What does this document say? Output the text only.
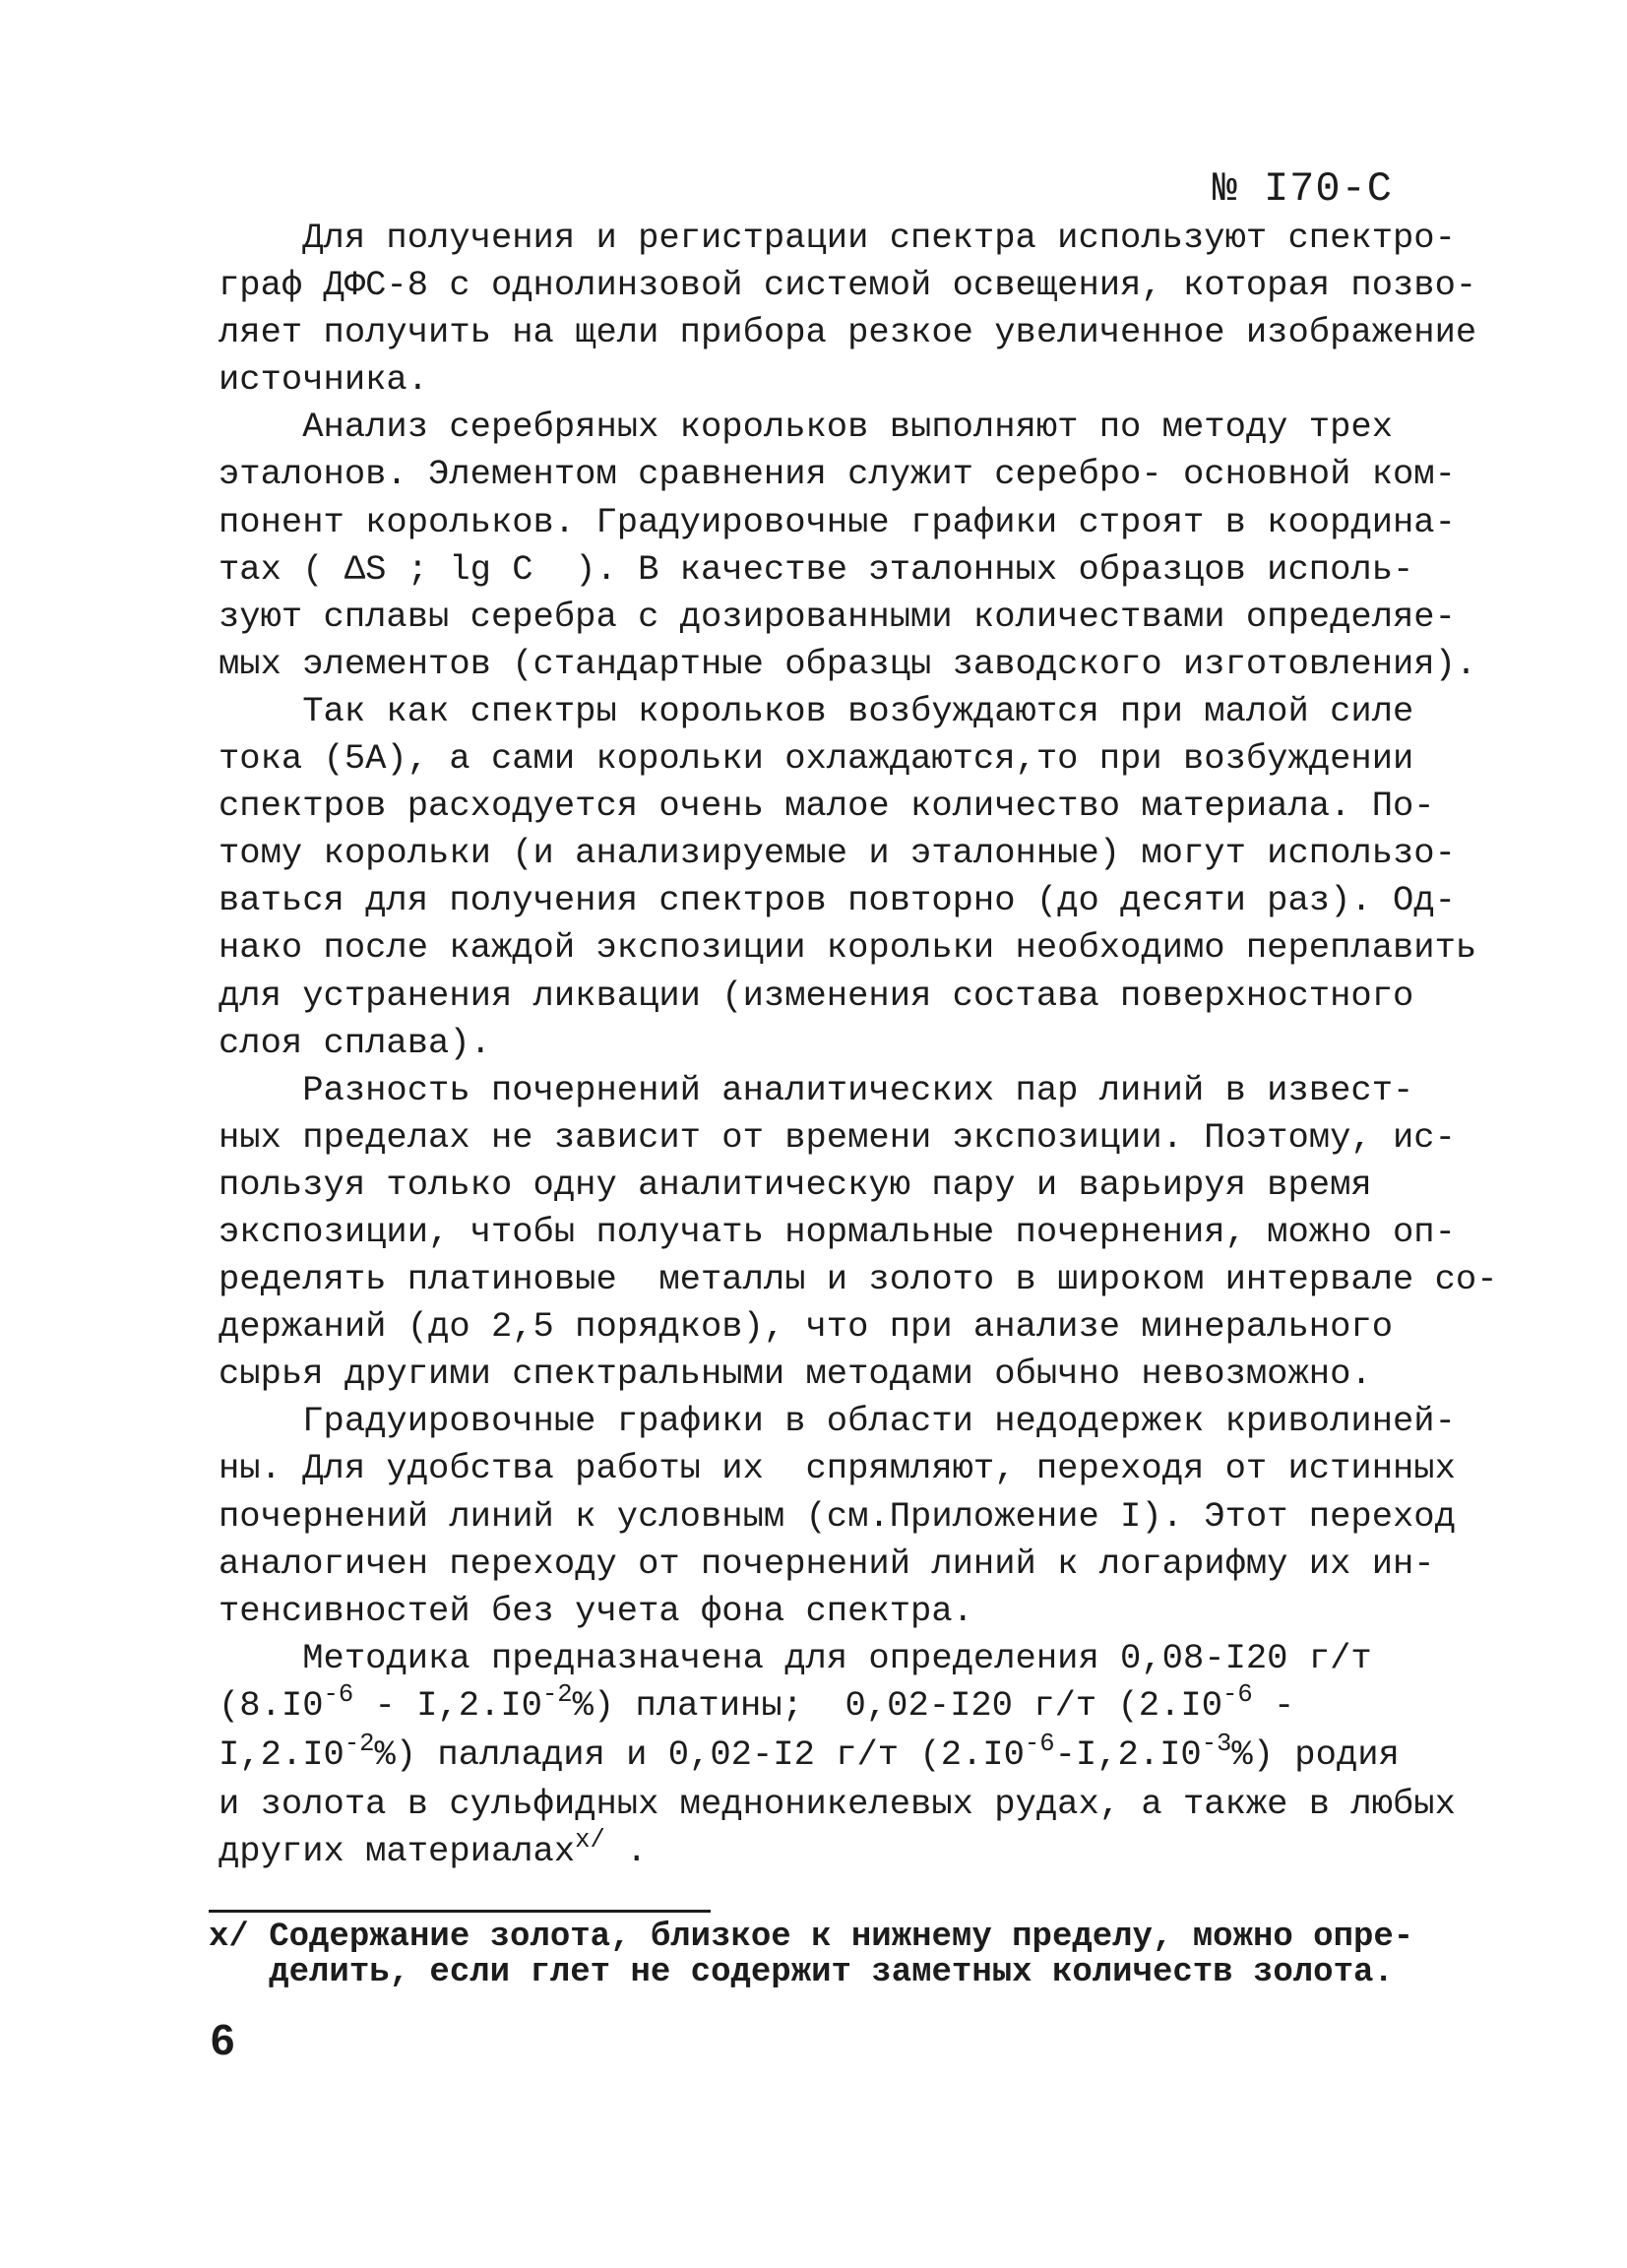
№ I70-С
Для получения и регистрации спектра используют спектро-
граф ДФС-8 с однолинзовой системой освещения, которая позво-
ляет получить на щели прибора резкое увеличенное изображение
источника.
Анализ серебряных корольков выполняют по методу трех
эталонов. Элементом сравнения служит серебро- основной ком-
понент корольков. Градуировочные графики строят в координа-
тах ( ΔS ; lg C  ). В качестве эталонных образцов исполь-
зуют сплавы серебра с дозированными количествами определяе-
мых элементов (стандартные образцы заводского изготовления).
Так как спектры корольков возбуждаются при малой силе
тока (5А), а сами корольки охлаждаются,то при возбуждении
спектров расходуется очень малое количество материала. По-
тому корольки (и анализируемые и эталонные) могут использо-
ваться для получения спектров повторно (до десяти раз). Од-
нако после каждой экспозиции корольки необходимо переплавить
для устранения ликвации (изменения состава поверхностного
слоя сплава).
Разность почернений аналитических пар линий в извест-
ных пределах не зависит от времени экспозиции. Поэтому, ис-
пользуя только одну аналитическую пару и варьируя время
экспозиции, чтобы получать нормальные почернения, можно оп-
ределять платиновые  металлы и золото в широком интервале со-
держаний (до 2,5 порядков), что при анализе минерального
сырья другими спектральными методами обычно невозможно.
Градуировочные графики в области недодержек криволиней-
ны. Для удобства работы их  спрямляют, переходя от истинных
почернений линий к условным (см.Приложение I). Этот переход
аналогичен переходу от почернений линий к логарифму их ин-
тенсивностей без учета фона спектра.
Методика предназначена для определения 0,08-I20 г/т
$(8.I0^{-6} - I,2.I0^{-2}\%)$ платины;  0,02-I20 г/т ($2.I0^{-6}$ -
$I,2.I0^{-2}\%$) палладия и 0,02-I2 г/т $(2.I0^{-6}-I,2.I0^{-3}\%)$ родия
и золота в сульфидных медноникелевых рудах, а также в любых
других материалах$^{х/}$ .
х/ Содержание золота, близкое к нижнему пределу, можно опре-
делить, если глет не содержит заметных количеств золота.
6
